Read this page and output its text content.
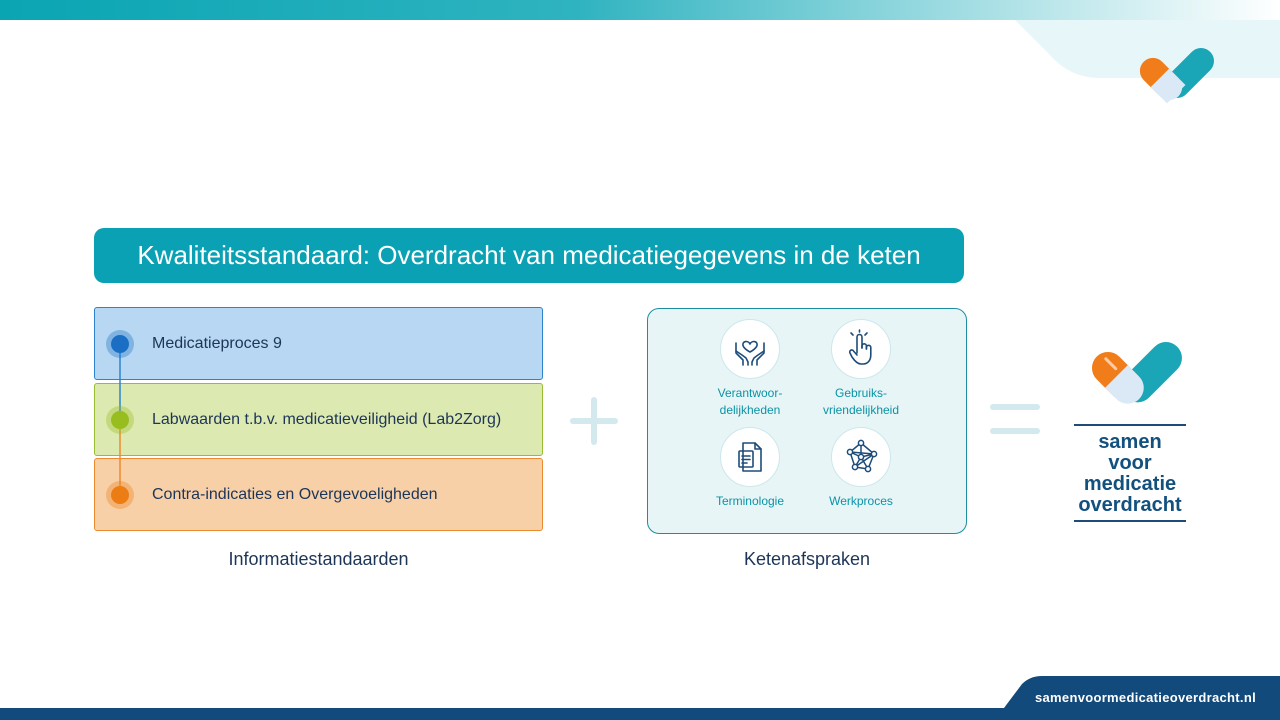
Kwaliteitsstandaard: Overdracht van medicatiegegevens in de keten
Medicatieproces 9
Labwaarden t.b.v. medicatieveiligheid (Lab2Zorg)
Contra-indicaties en Overgevoeligheden
Informatiestandaarden
Verantwoor-
delijkheden
Gebruiks-
vriendelijkheid
Terminologie	Werkproces
Ketenafspraken
samen voor
medicatie
overdracht
samenvoormedicatieoverdracht.nl
